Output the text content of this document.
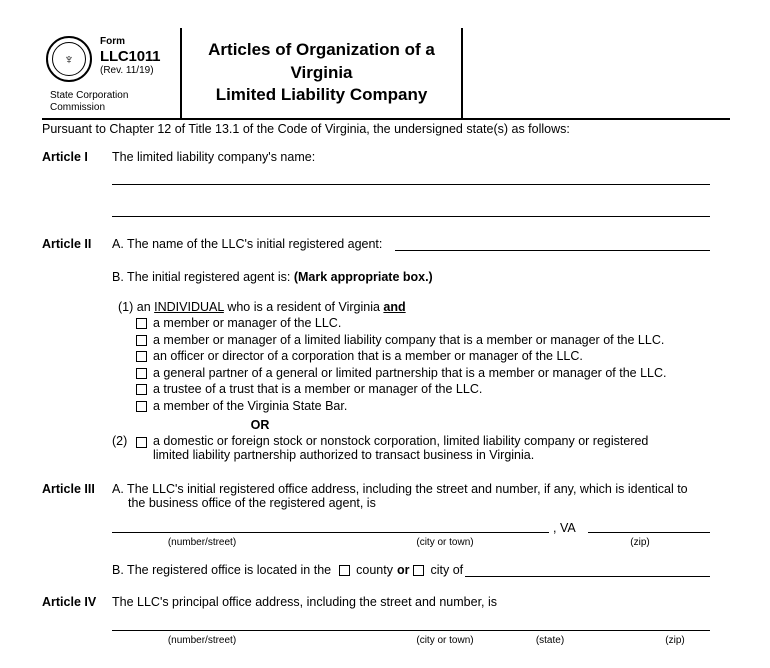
♆
Form
LLC1011
(Rev. 11/19)
State Corporation
Commission
Articles of Organization of a Virginia
Limited Liability Company
Pursuant to Chapter 12 of Title 13.1 of the Code of Virginia, the undersigned state(s) as follows:
Article I	The limited liability company's name:
Article II	A. The name of the LLC's initial registered agent:
B. The initial registered agent is: (Mark appropriate box.)
(1) an INDIVIDUAL who is a resident of Virginia and
a member or manager of the LLC.
a member or manager of a limited liability company that is a member or manager of the LLC.
an officer or director of a corporation that is a member or manager of the LLC.
a general partner of a general or limited partnership that is a member or manager of the LLC.
a trustee of a trust that is a member or manager of the LLC.
a member of the Virginia State Bar.
OR
(2)	a domestic or foreign stock or nonstock corporation, limited liability company or registered
limited liability partnership authorized to transact business in Virginia.
Article III	A. The LLC's initial registered office address, including the street and number, if any, which is identical to
the business office of the registered agent, is
, VA
(number/street)	(city or town)	(zip)
B. The registered office is located in the county or city of
Article IV	The LLC's principal office address, including the street and number, is
(number/street)	(city or town)	(state)	(zip)
